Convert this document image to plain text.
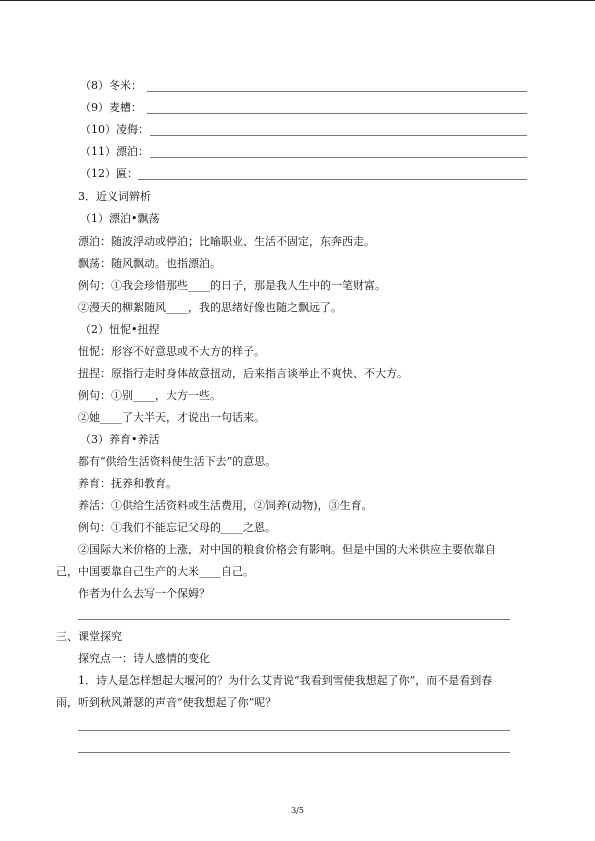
（8）冬米：
（9）麦槽：
（10）凌侮：
（11）漂泊：
（12）匾：
3．近义词辨析
（1）漂泊•飘荡
漂泊：随波浮动或停泊；比喻职业、生活不固定，东奔西走。
飘荡：随风飘动。也指漂泊。
例句：①我会珍惜那些____的日子，那是我人生中的一笔财富。
②漫天的柳絮随风____，我的思绪好像也随之飘远了。
（2）忸怩•扭捏
忸怩：形容不好意思或不大方的样子。
扭捏：原指行走时身体故意扭动，后来指言谈举止不爽快、不大方。
例句：①别____，大方一些。
②她____了大半天，才说出一句话来。
（3）养育•养活
都有“供给生活资料使生活下去”的意思。
养育：抚养和教育。
养活：①供给生活资料或生活费用，②饲养(动物)，③生育。
例句：①我们不能忘记父母的____之恩。
②国际大米价格的上涨，对中国的粮食价格会有影响。但是中国的大米供应主要依靠自
己，中国要靠自己生产的大米____自己。
作者为什么去写一个保姆？
三、课堂探究
探究点一：诗人感情的变化
1．诗人是怎样想起大堰河的？为什么艾青说“我看到雪使我想起了你”，而不是看到春
雨，听到秋风萧瑟的声音“使我想起了你”呢？
3/5
